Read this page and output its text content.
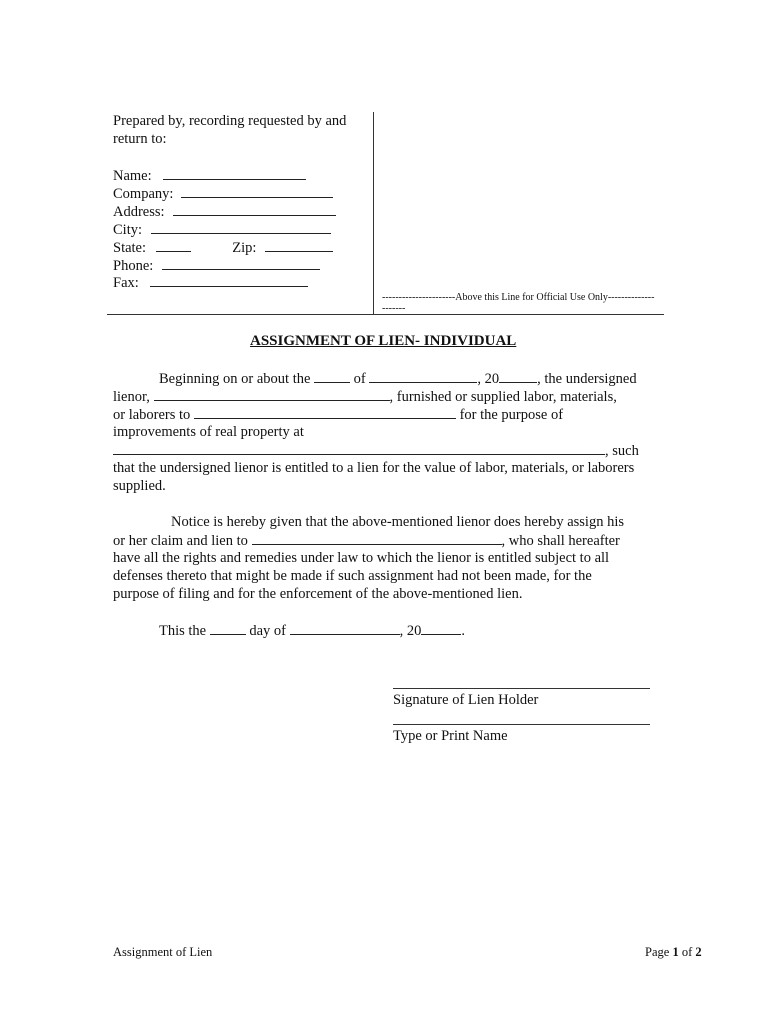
Prepared by, recording requested by and
return to:
Name:
Company:
Address:
City:
State:	Zip:
Phone:
Fax:
----------------------Above this Line for Official Use Only--------------
-------
ASSIGNMENT OF LIEN- INDIVIDUAL
Beginning on or about the	of	, 20	, the undersigned
lienor,	, furnished or supplied labor, materials,
or laborers to	for the purpose of
improvements of real property at
, such
that the undersigned lienor is entitled to a lien for the value of labor, materials, or laborers
supplied.
Notice is hereby given that the above-mentioned lienor does hereby assign his
or her claim and lien to	, who shall hereafter
have all the rights and remedies under law to which the lienor is entitled subject to all
defenses thereto that might be made if such assignment had not been made, for the
purpose of filing and for the enforcement of the above-mentioned lien.
This the	day of	, 20	.
Signature of Lien Holder
Type or Print Name
Assignment of Lien	Page 1 of 2
